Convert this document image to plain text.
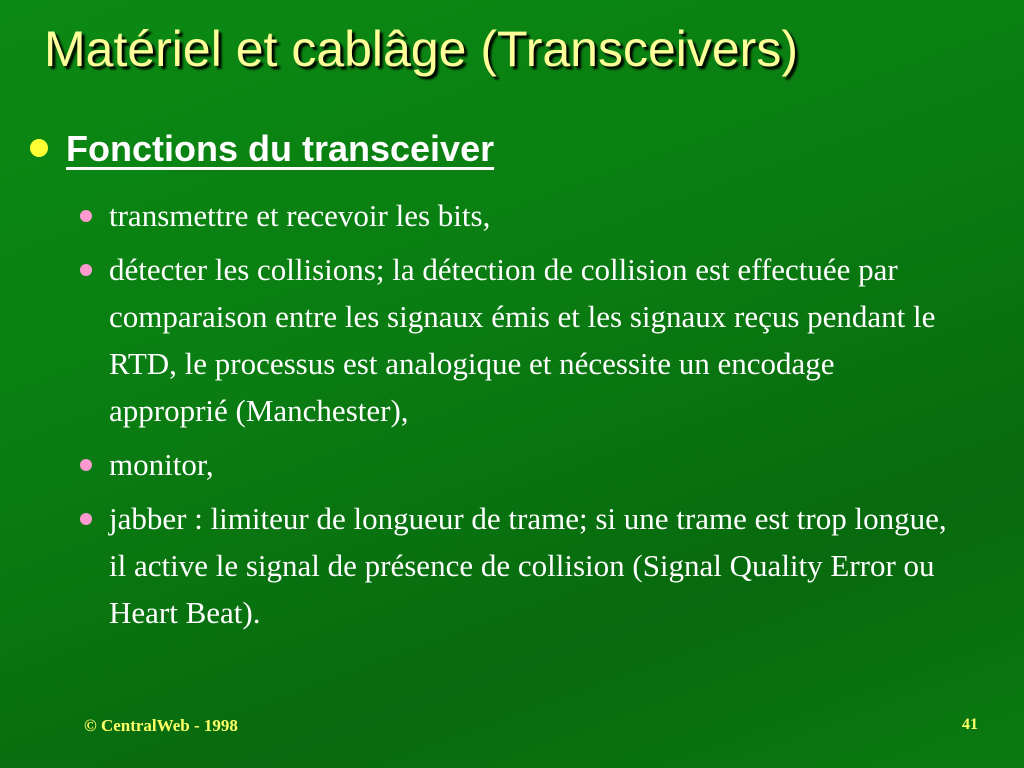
Matériel et cablâge (Transceivers)
Fonctions du transceiver
transmettre et recevoir les bits,
détecter les collisions; la détection de collision est effectuée par comparaison entre les signaux émis et les signaux reçus pendant le RTD, le processus est analogique et nécessite un encodage approprié (Manchester),
monitor,
jabber : limiteur de longueur de trame; si une trame est trop longue, il active le signal de présence de collision (Signal Quality Error ou Heart Beat).
© CentralWeb - 1998	41
